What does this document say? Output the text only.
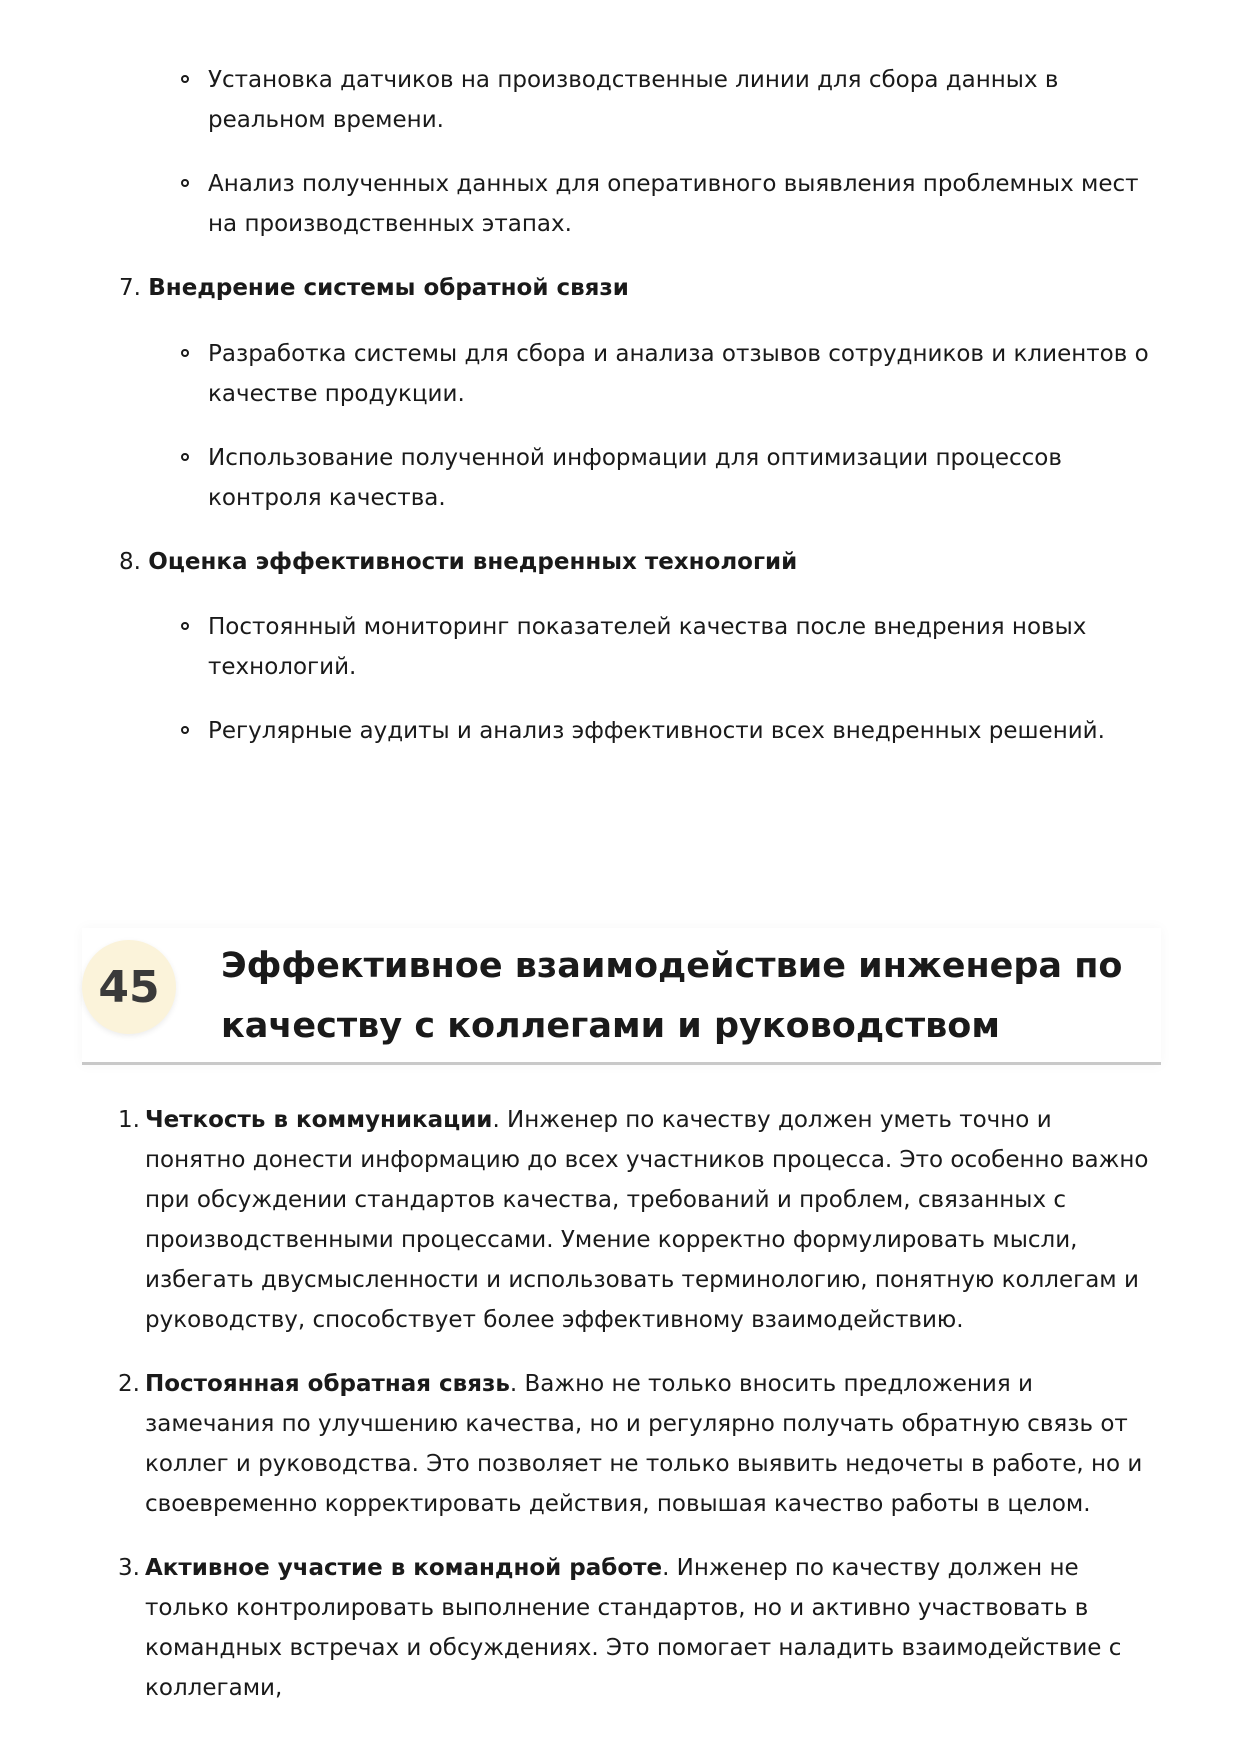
Установка датчиков на производственные линии для сбора данных в реальном времени.
Анализ полученных данных для оперативного выявления проблемных мест на производственных этапах.
7. Внедрение системы обратной связи
Разработка системы для сбора и анализа отзывов сотрудников и клиентов о качестве продукции.
Использование полученной информации для оптимизации процессов контроля качества.
8. Оценка эффективности внедренных технологий
Постоянный мониторинг показателей качества после внедрения новых технологий.
Регулярные аудиты и анализ эффективности всех внедренных решений.
45	Эффективное взаимодействие инженера по качеству с коллегами и руководством
1. Четкость в коммуникации. Инженер по качеству должен уметь точно и понятно донести информацию до всех участников процесса. Это особенно важно при обсуждении стандартов качества, требований и проблем, связанных с производственными процессами. Умение корректно формулировать мысли, избегать двусмысленности и использовать терминологию, понятную коллегам и руководству, способствует более эффективному взаимодействию.
2. Постоянная обратная связь. Важно не только вносить предложения и замечания по улучшению качества, но и регулярно получать обратную связь от коллег и руководства. Это позволяет не только выявить недочеты в работе, но и своевременно корректировать действия, повышая качество работы в целом.
3. Активное участие в командной работе. Инженер по качеству должен не только контролировать выполнение стандартов, но и активно участвовать в командных встречах и обсуждениях. Это помогает наладить взаимодействие с коллегами,
